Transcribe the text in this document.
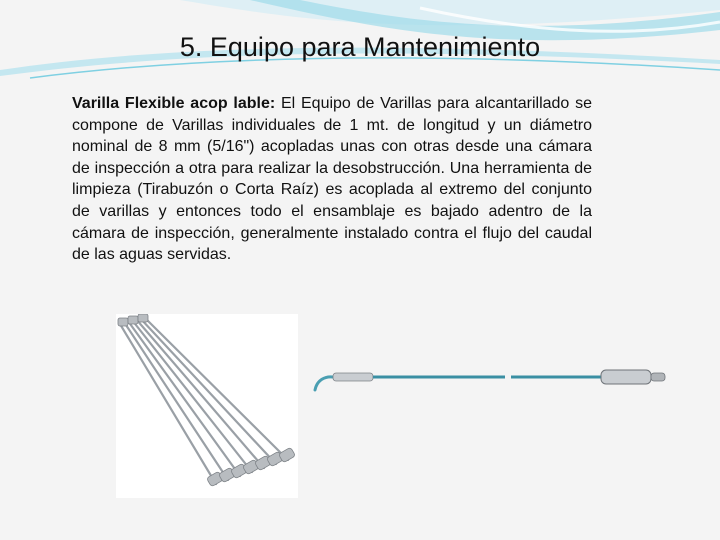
5. Equipo para Mantenimiento

Varilla Flexible acop lable: El Equipo de Varillas para alcantarillado se compone de Varillas individuales de 1 mt. de longitud y un diámetro nominal de 8 mm (5/16") acopladas unas con otras desde una cámara de inspección a otra para realizar la desobstrucción. Una herramienta de limpieza (Tirabuzón o Corta Raíz) es acoplada al extremo del conjunto de varillas y entonces todo el ensamblaje es bajado adentro de la cámara de inspección, generalmente instalado contra el flujo del caudal de las aguas servidas.
